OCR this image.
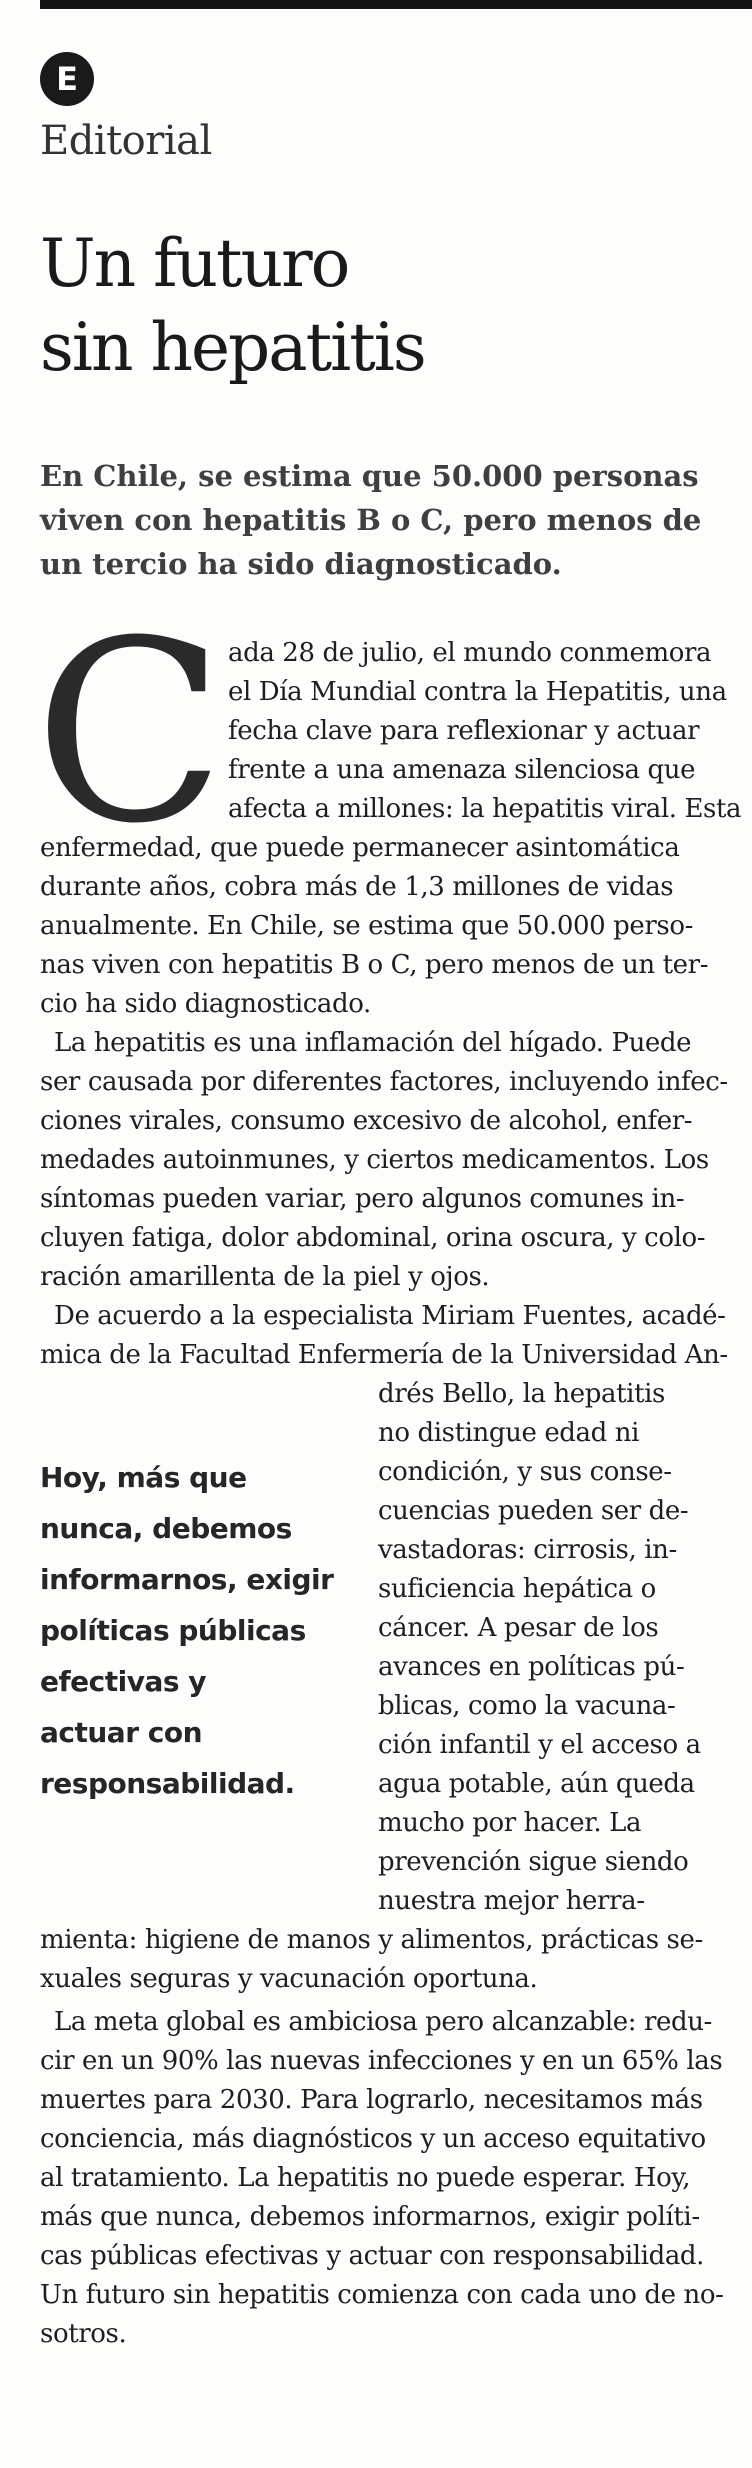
E
Editorial
Un futuro
sin hepatitis
En Chile, se estima que 50.000 personas
viven con hepatitis B o C, pero menos de
un tercio ha sido diagnosticado.
C ada 28 de julio, el mundo conmemora
el Día Mundial contra la Hepatitis, una
fecha clave para reflexionar y actuar
frente a una amenaza silenciosa que
afecta a millones: la hepatitis viral. Esta
enfermedad, que puede permanecer asintomática
durante años, cobra más de 1,3 millones de vidas
anualmente. En Chile, se estima que 50.000 perso-
nas viven con hepatitis B o C, pero menos de un ter-
cio ha sido diagnosticado.
La hepatitis es una inflamación del hígado. Puede
ser causada por diferentes factores, incluyendo infec-
ciones virales, consumo excesivo de alcohol, enfer-
medades autoinmunes, y ciertos medicamentos. Los
síntomas pueden variar, pero algunos comunes in-
cluyen fatiga, dolor abdominal, orina oscura, y colo-
ración amarillenta de la piel y ojos.
De acuerdo a la especialista Miriam Fuentes, acadé-
mica de la Facultad Enfermería de la Universidad An-
Hoy, más que
nunca, debemos
informarnos, exigir
políticas públicas
efectivas y
actuar con
responsabilidad.
drés Bello, la hepatitis
no distingue edad ni
condición, y sus conse-
cuencias pueden ser de-
vastadoras: cirrosis, in-
suficiencia hepática o
cáncer. A pesar de los
avances en políticas pú-
blicas, como la vacuna-
ción infantil y el acceso a
agua potable, aún queda
mucho por hacer. La
prevención sigue siendo
nuestra mejor herra-
mienta: higiene de manos y alimentos, prácticas se-
xuales seguras y vacunación oportuna.
La meta global es ambiciosa pero alcanzable: redu-
cir en un 90% las nuevas infecciones y en un 65% las
muertes para 2030. Para lograrlo, necesitamos más
conciencia, más diagnósticos y un acceso equitativo
al tratamiento. La hepatitis no puede esperar. Hoy,
más que nunca, debemos informarnos, exigir políti-
cas públicas efectivas y actuar con responsabilidad.
Un futuro sin hepatitis comienza con cada uno de no-
sotros.
